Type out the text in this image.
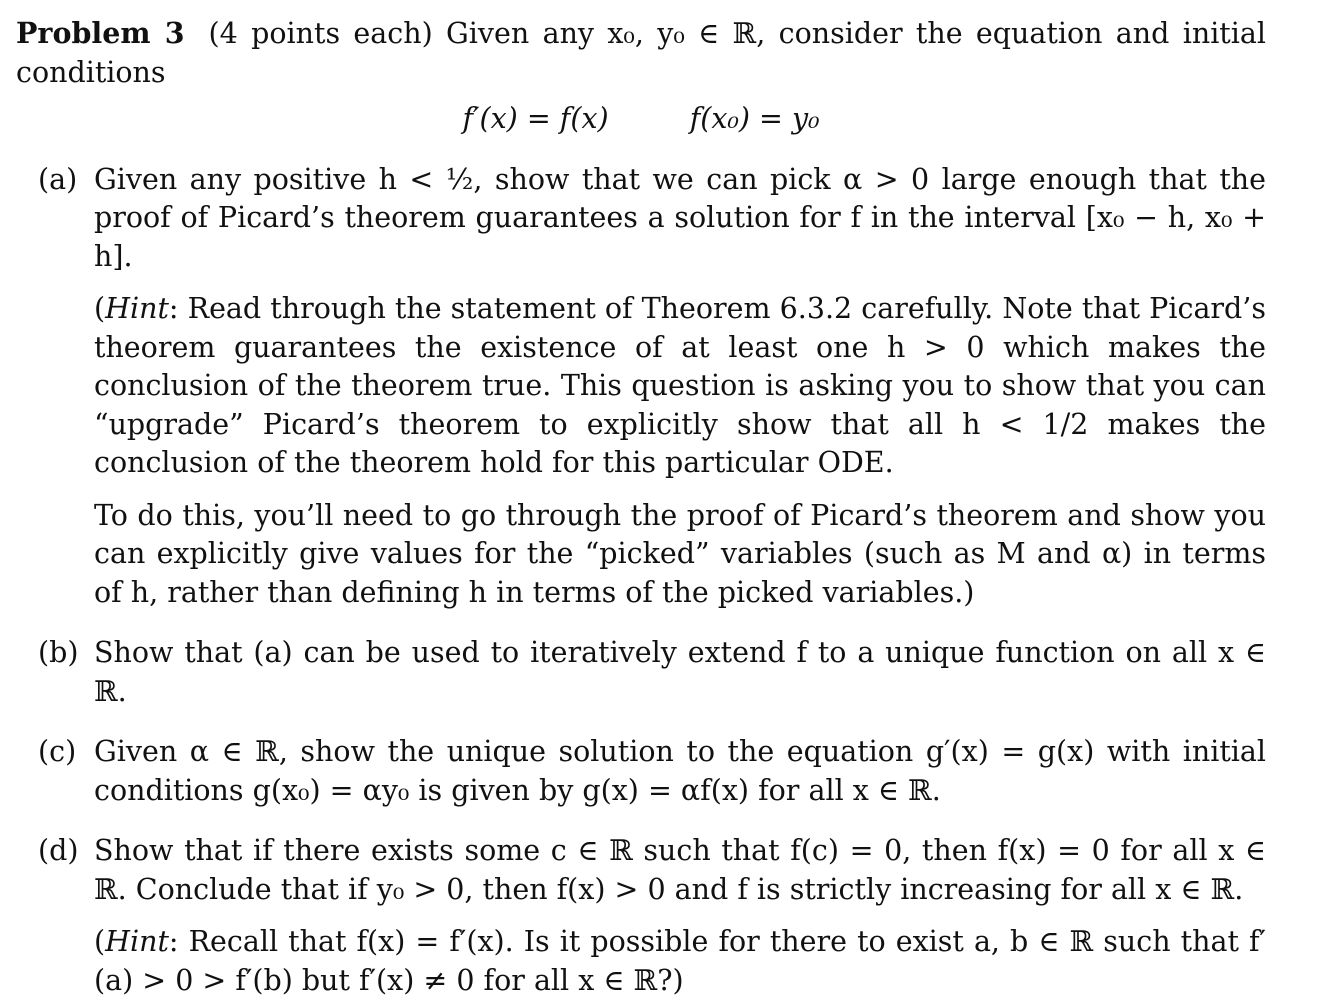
Problem 3 (4 points each) Given any x₀, y₀ ∈ ℝ, consider the equation and initial conditions

f′(x) = f(x)	f(x₀) = y₀
(a) Given any positive h < ½, show that we can pick α > 0 large enough that the proof of Picard’s theorem guarantees a solution for f in the interval [x₀ − h, x₀ + h].

(Hint: Read through the statement of Theorem 6.3.2 carefully. Note that Picard’s theorem guarantees the existence of at least one h > 0 which makes the conclusion of the theorem true. This question is asking you to show that you can “upgrade” Picard’s theorem to explicitly show that all h < 1/2 makes the conclusion of the theorem hold for this particular ODE.

To do this, you’ll need to go through the proof of Picard’s theorem and show you can explicitly give values for the “picked” variables (such as M and α) in terms of h, rather than defining h in terms of the picked variables.)

(b) Show that (a) can be used to iteratively extend f to a unique function on all x ∈ ℝ.

(c) Given α ∈ ℝ, show the unique solution to the equation g′(x) = g(x) with initial conditions g(x₀) = αy₀ is given by g(x) = αf(x) for all x ∈ ℝ.

(d) Show that if there exists some c ∈ ℝ such that f(c) = 0, then f(x) = 0 for all x ∈ ℝ. Conclude that if y₀ > 0, then f(x) > 0 and f is strictly increasing for all x ∈ ℝ.

(Hint: Recall that f(x) = f′(x). Is it possible for there to exist a, b ∈ ℝ such that f′(a) > 0 > f′(b) but f′(x) ≠ 0 for all x ∈ ℝ?)
